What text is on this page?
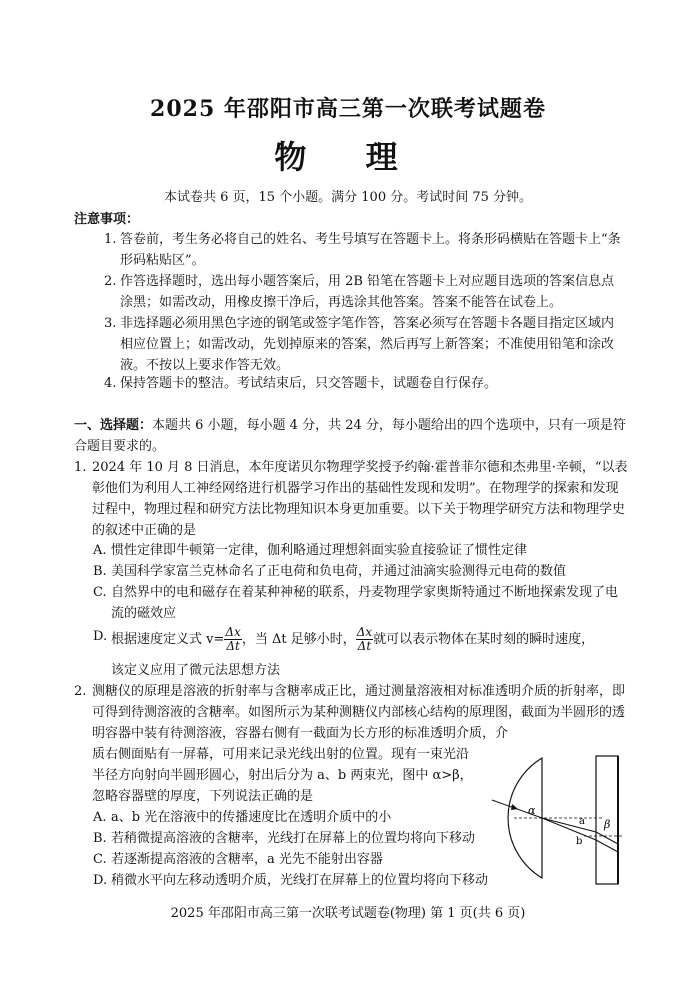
2025 年邵阳市高三第一次联考试题卷
物 理
本试卷共 6 页，15 个小题。满分 100 分。考试时间 75 分钟。
注意事项：
1. 答卷前，考生务必将自己的姓名、考生号填写在答题卡上。将条形码横贴在答题卡上“条形码粘贴区”。
2. 作答选择题时，选出每小题答案后，用 2B 铅笔在答题卡上对应题目选项的答案信息点涂黑；如需改动，用橡皮擦干净后，再选涂其他答案。答案不能答在试卷上。
3. 非选择题必须用黑色字迹的钢笔或签字笔作答，答案必须写在答题卡各题目指定区域内相应位置上；如需改动，先划掉原来的答案，然后再写上新答案；不准使用铅笔和涂改液。不按以上要求作答无效。
4. 保持答题卡的整洁。考试结束后，只交答题卡，试题卷自行保存。
一、选择题：本题共 6 小题，每小题 4 分，共 24 分，每小题给出的四个选项中，只有一项是符合题目要求的。
1. 2024 年 10 月 8 日消息，本年度诺贝尔物理学奖授予约翰·霍普菲尔德和杰弗里·辛顿，“以表彰他们为利用人工神经网络进行机器学习作出的基础性发现和发明”。在物理学的探索和发现过程中，物理过程和研究方法比物理知识本身更加重要。以下关于物理学研究方法和物理学史的叙述中正确的是
A. 惯性定律即牛顿第一定律，伽利略通过理想斜面实验直接验证了惯性定律
B. 美国科学家富兰克林命名了正电荷和负电荷，并通过油滴实验测得元电荷的数值
C. 自然界中的电和磁存在着某种神秘的联系，丹麦物理学家奥斯特通过不断地探索发现了电流的磁效应
D. 根据速度定义式 $v= \frac{\Delta x}{\Delta t}$ ，当 Δt 足够小时， $\frac{\Delta x}{\Delta t}$ 就可以表示物体在某时刻的瞬时速度，
该定义应用了微元法思想方法
2. 测糖仪的原理是溶液的折射率与含糖率成正比，通过测量溶液相对标准透明介质的折射率，即可得到待测溶液的含糖率。如图所示为某种测糖仪内部核心结构的原理图，截面为半圆形的透明容器中装有待测溶液，容器右侧有一截面为长方形的标准透明介质，介
质右侧面贴有一屏幕，可用来记录光线出射的位置。现有一束光沿半径方向射向半圆形圆心，射出后分为 a、b 两束光，图中 α>β，忽略容器壁的厚度，下列说法正确的是
A. a、b 光在溶液中的传播速度比在透明介质中的小
B. 若稍微提高溶液的含糖率，光线打在屏幕上的位置均将向下移动
C. 若逐渐提高溶液的含糖率，a 光先不能射出容器
D. 稍微水平向左移动透明介质，光线打在屏幕上的位置均将向下移动
α
β
a
b
2025 年邵阳市高三第一次联考试题卷(物理) 第 1 页(共 6 页)
